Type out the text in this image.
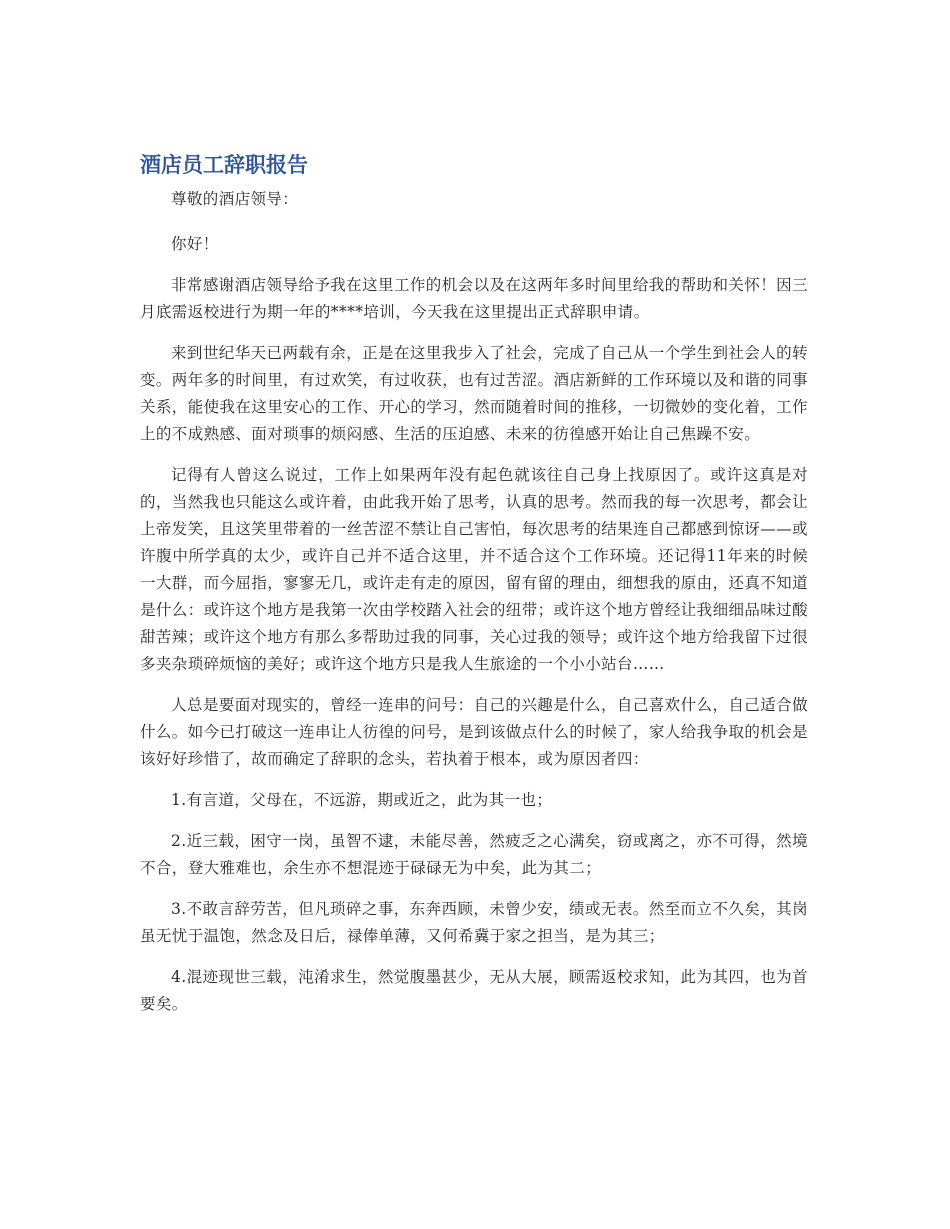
酒店员工辞职报告

尊敬的酒店领导：

你好！

非常感谢酒店领导给予我在这里工作的机会以及在这两年多时间里给我的帮助和关怀！因三月底需返校进行为期一年的****培训，今天我在这里提出正式辞职申请。

来到世纪华天已两载有余，正是在这里我步入了社会，完成了自己从一个学生到社会人的转变。两年多的时间里，有过欢笑，有过收获，也有过苦涩。酒店新鲜的工作环境以及和谐的同事关系，能使我在这里安心的工作、开心的学习，然而随着时间的推移，一切微妙的变化着，工作上的不成熟感、面对琐事的烦闷感、生活的压迫感、未来的彷徨感开始让自己焦躁不安。

记得有人曾这么说过，工作上如果两年没有起色就该往自己身上找原因了。或许这真是对的，当然我也只能这么或许着，由此我开始了思考，认真的思考。然而我的每一次思考，都会让上帝发笑，且这笑里带着的一丝苦涩不禁让自己害怕，每次思考的结果连自己都感到惊讶——或许腹中所学真的太少，或许自己并不适合这里，并不适合这个工作环境。还记得11年来的时候一大群，而今屈指，寥寥无几，或许走有走的原因，留有留的理由，细想我的原由，还真不知道是什么：或许这个地方是我第一次由学校踏入社会的纽带；或许这个地方曾经让我细细品味过酸甜苦辣；或许这个地方有那么多帮助过我的同事，关心过我的领导；或许这个地方给我留下过很多夹杂琐碎烦恼的美好；或许这个地方只是我人生旅途的一个小小站台……

人总是要面对现实的，曾经一连串的问号：自己的兴趣是什么，自己喜欢什么，自己适合做什么。如今已打破这一连串让人彷徨的问号，是到该做点什么的时候了，家人给我争取的机会是该好好珍惜了，故而确定了辞职的念头，若执着于根本，或为原因者四：

1.有言道，父母在，不远游，期或近之，此为其一也；

2.近三载，困守一岗，虽智不逮，未能尽善，然疲乏之心满矣，窃或离之，亦不可得，然境不合，登大雅难也，余生亦不想混迹于碌碌无为中矣，此为其二；

3.不敢言辞劳苦，但凡琐碎之事，东奔西顾，未曾少安，绩或无表。然至而立不久矣，其岗虽无忧于温饱，然念及日后，禄俸单薄，又何希冀于家之担当，是为其三；

4.混迹现世三载，沌淆求生，然觉腹墨甚少，无从大展，顾需返校求知，此为其四，也为首要矣。
